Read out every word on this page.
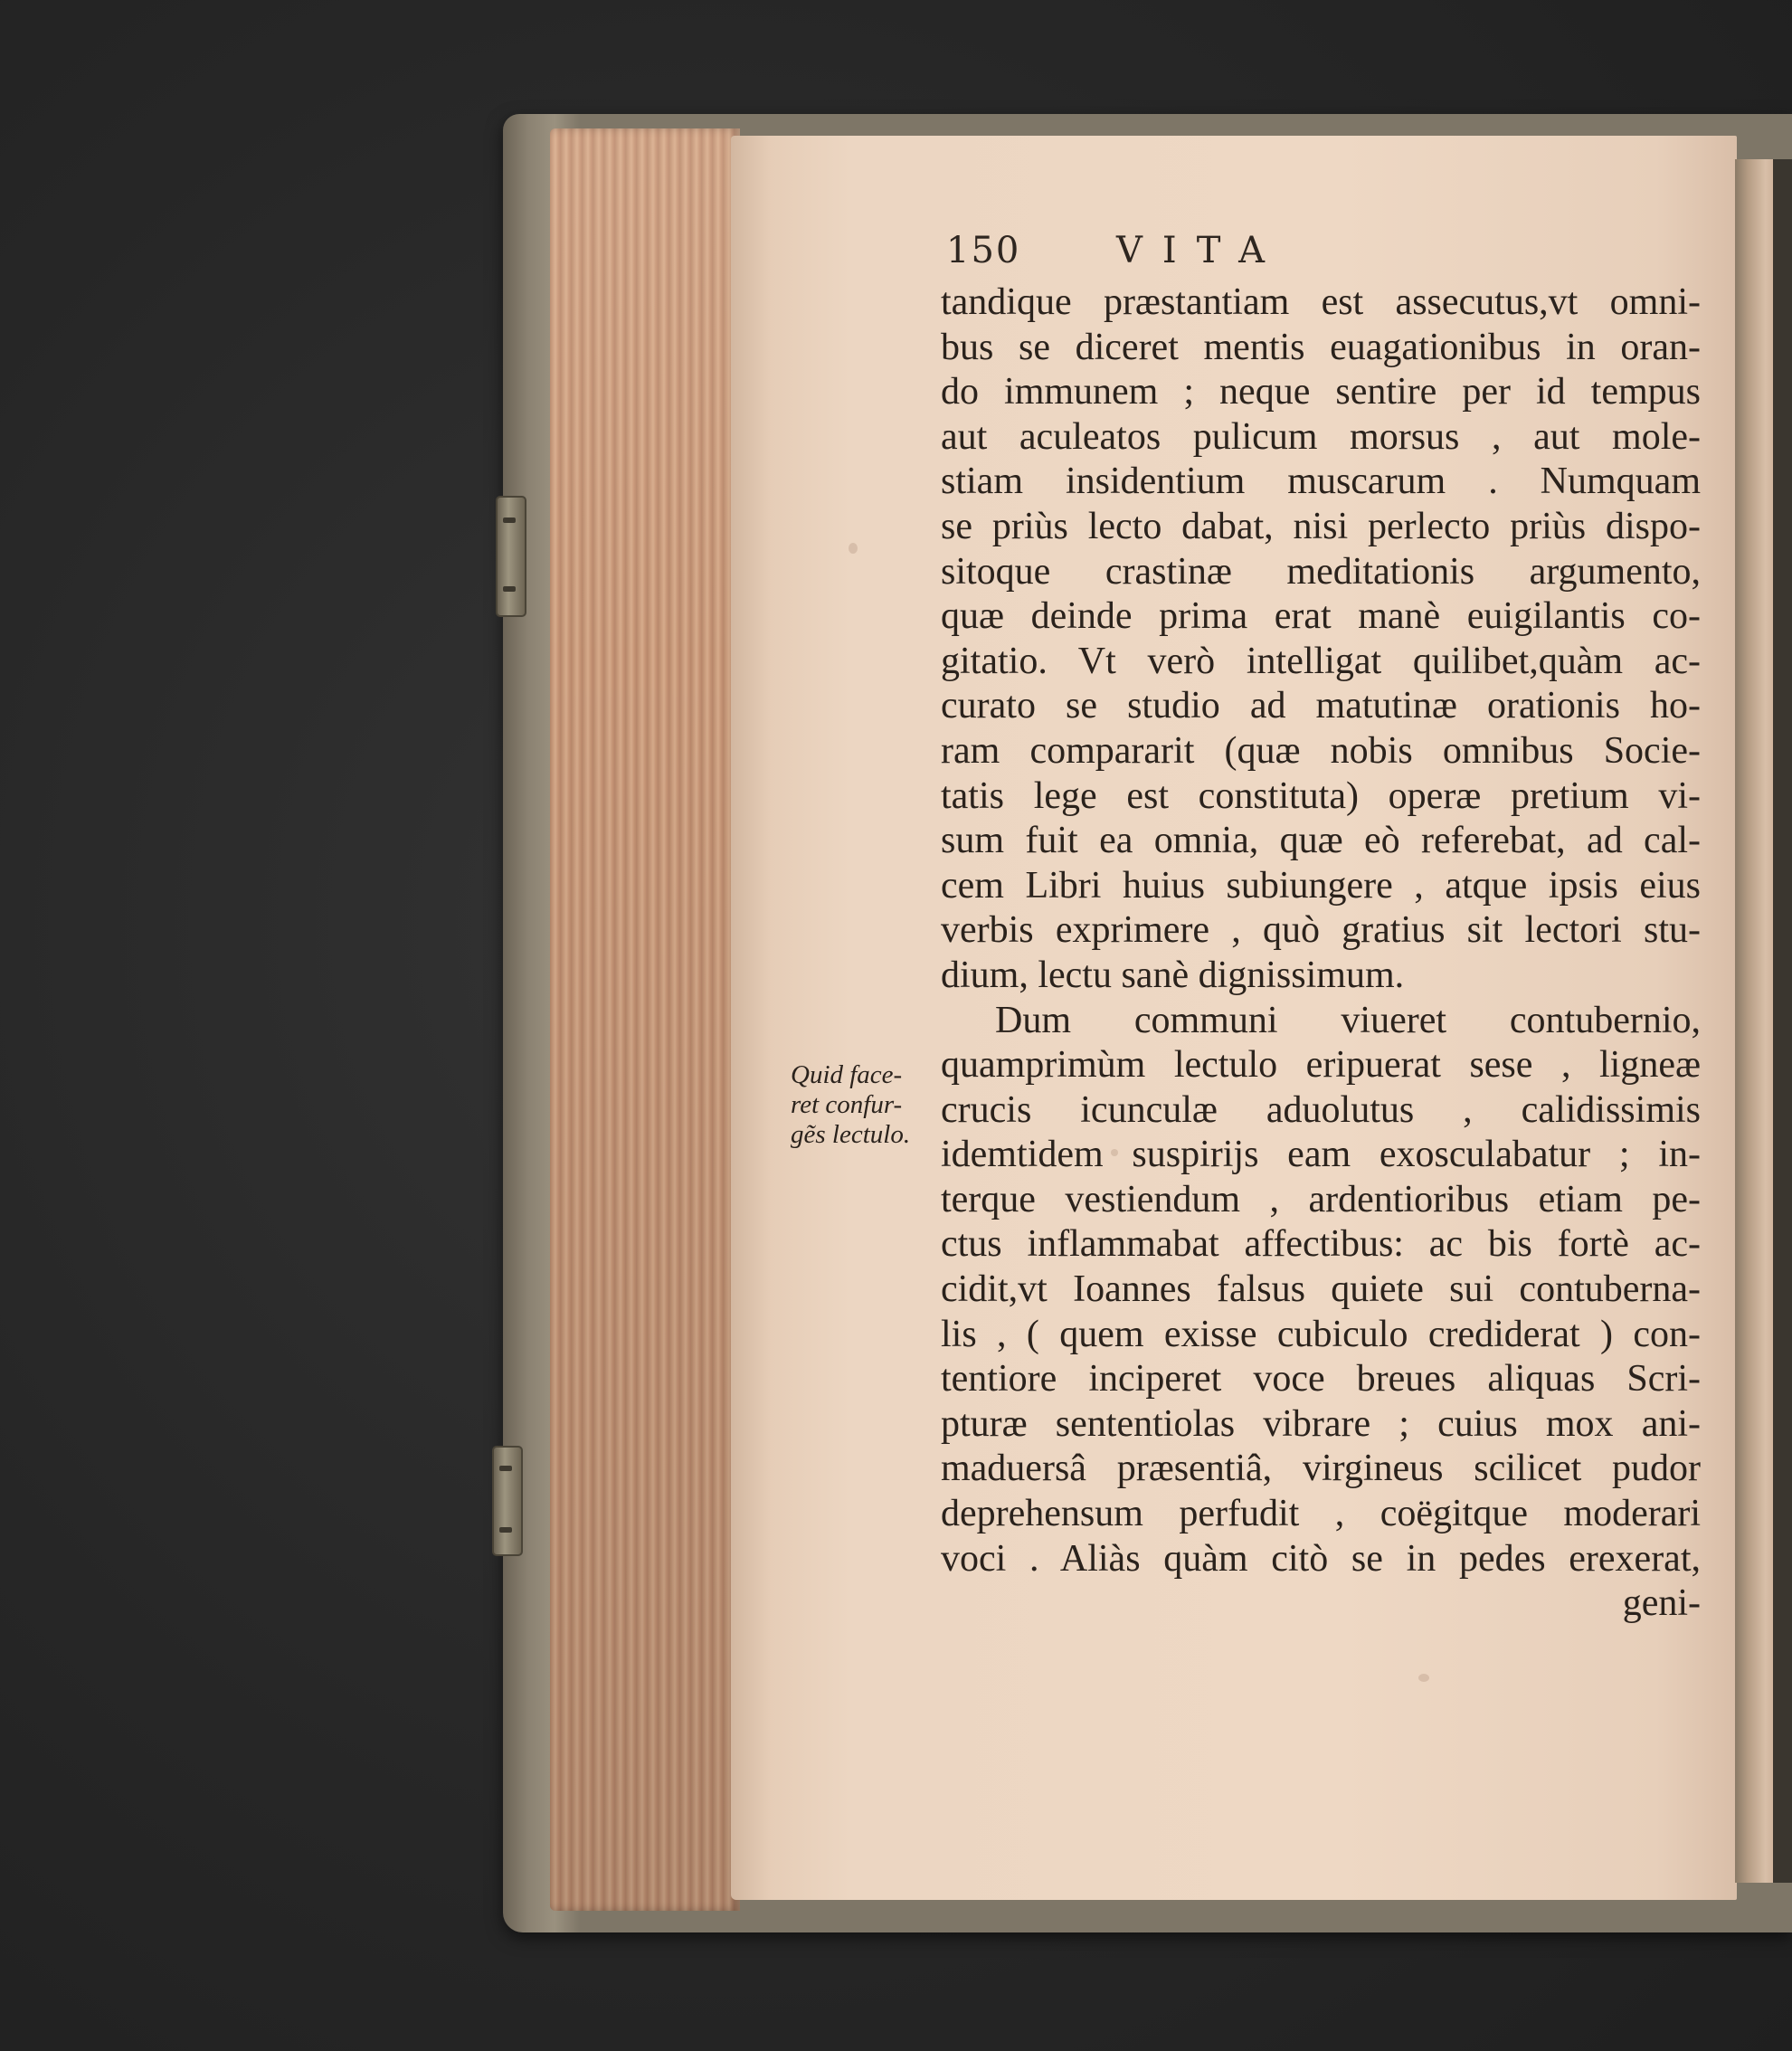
150	VITA
Quid face-
ret confur-
gẽs lectulo.
tandique præstantiam est assecutus,vt omni-
bus se diceret mentis euagationibus in oran-
do immunem ; neque sentire per id tempus
aut aculeatos pulicum morsus , aut mole-
stiam insidentium muscarum . Numquam
se priùs lecto dabat, nisi perlecto priùs dispo-
sitoque crastinæ meditationis argumento,
quæ deinde prima erat manè euigilantis co-
gitatio. Vt verò intelligat quilibet,quàm ac-
curato se studio ad matutinæ orationis ho-
ram compararit (quæ nobis omnibus Socie-
tatis lege est constituta) operæ pretium vi-
sum fuit ea omnia, quæ eò referebat, ad cal-
cem Libri huius subiungere , atque ipsis eius
verbis exprimere , quò gratius sit lectori stu-
dium, lectu sanè dignissimum.
Dum communi viueret contubernio,
quamprimùm lectulo eripuerat sese , ligneæ
crucis icunculæ aduolutus , calidissimis
idemtidem suspirijs eam exosculabatur ; in-
terque vestiendum , ardentioribus etiam pe-
ctus inflammabat affectibus: ac bis fortè ac-
cidit,vt Ioannes falsus quiete sui contuberna-
lis , ( quem exisse cubiculo crediderat ) con-
tentiore inciperet voce breues aliquas Scri-
pturæ sententiolas vibrare ; cuius mox ani-
maduersâ præsentiâ, virgineus scilicet pudor
deprehensum perfudit , coëgitque moderari
voci . Aliàs quàm citò se in pedes erexerat,
geni-
